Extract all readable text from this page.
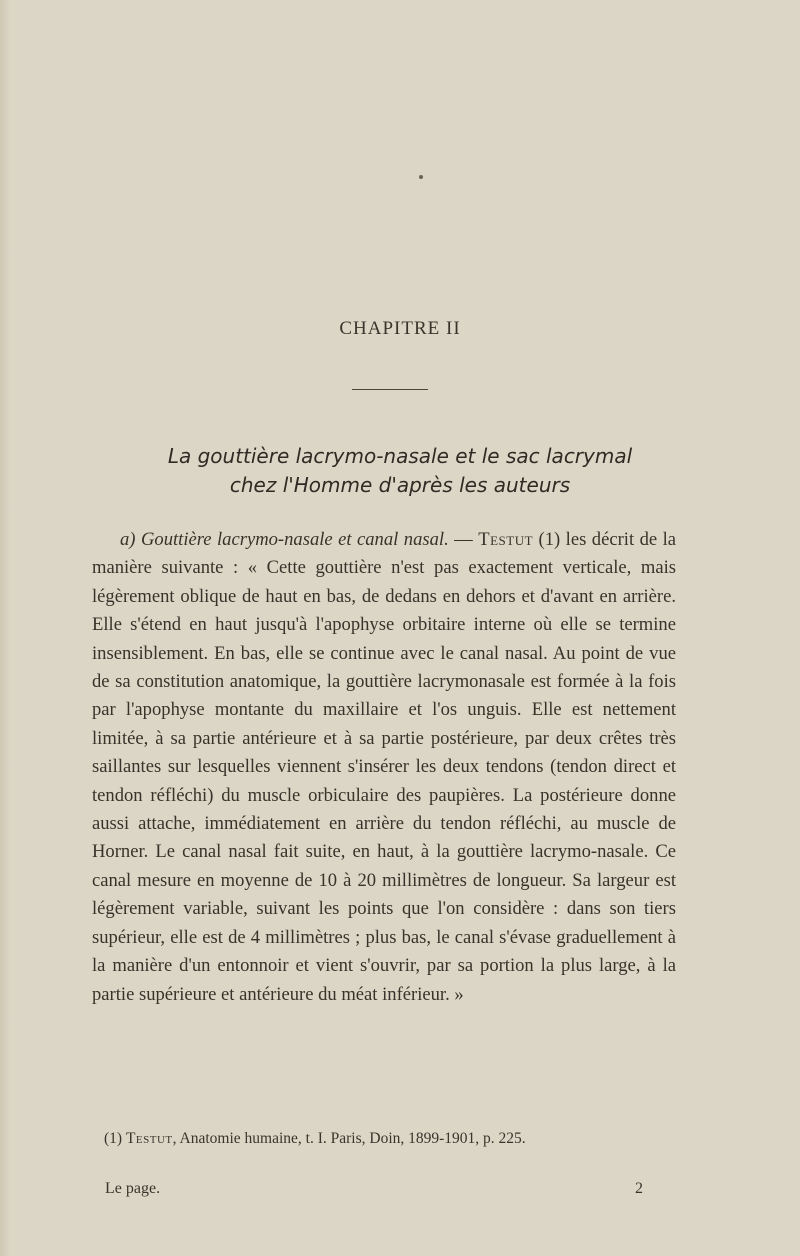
CHAPITRE II
La gouttière lacrymo-nasale et le sac lacrymal
chez l'Homme d'après les auteurs
a) Gouttière lacrymo-nasale et canal nasal. — Testut (1) les décrit de la manière suivante : « Cette gouttière n'est pas exactement verticale, mais légèrement oblique de haut en bas, de dedans en dehors et d'avant en arrière. Elle s'étend en haut jusqu'à l'apophyse orbitaire interne où elle se termine insensiblement. En bas, elle se continue avec le canal nasal. Au point de vue de sa constitution anatomique, la gouttière lacrymonasale est formée à la fois par l'apophyse montante du maxillaire et l'os unguis. Elle est nettement limitée, à sa partie antérieure et à sa partie postérieure, par deux crêtes très saillantes sur lesquelles viennent s'insérer les deux tendons (tendon direct et tendon réfléchi) du muscle orbiculaire des paupières. La postérieure donne aussi attache, immédiatement en arrière du tendon réfléchi, au muscle de Horner. Le canal nasal fait suite, en haut, à la gouttière lacrymo-nasale. Ce canal mesure en moyenne de 10 à 20 millimètres de longueur. Sa largeur est légèrement variable, suivant les points que l'on considère : dans son tiers supérieur, elle est de 4 millimètres ; plus bas, le canal s'évase graduellement à la manière d'un entonnoir et vient s'ouvrir, par sa portion la plus large, à la partie supérieure et antérieure du méat inférieur. »
(1) Testut, Anatomie humaine, t. I. Paris, Doin, 1899-1901, p. 225.
Le page.	2
